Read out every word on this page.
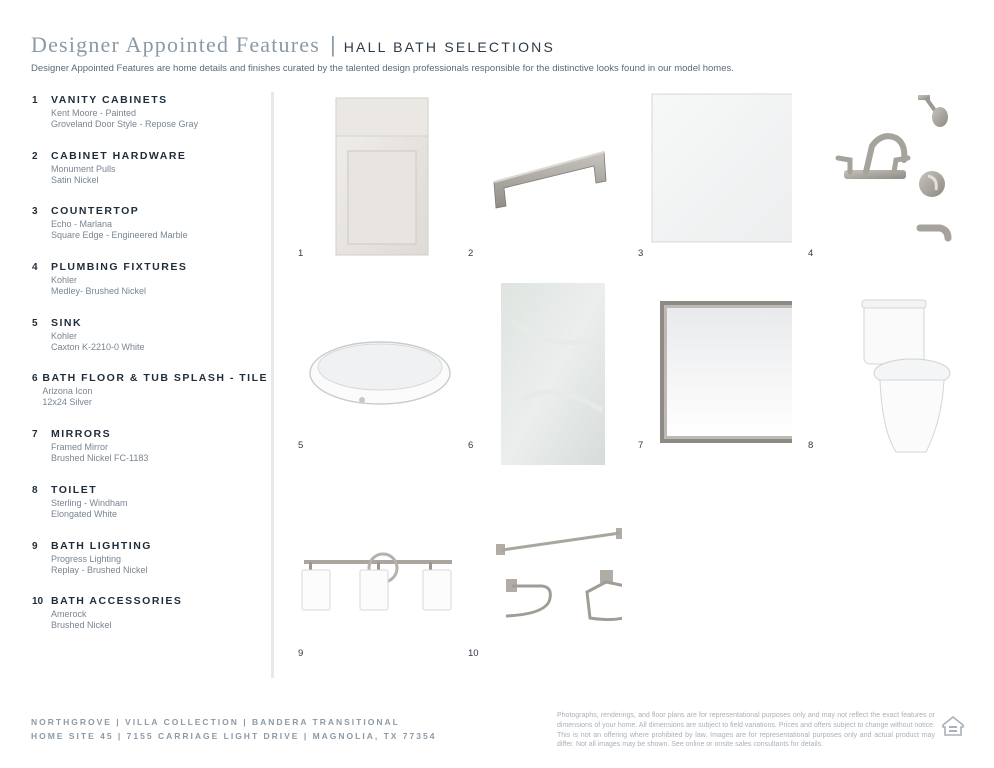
Designer Appointed Features | HALL BATH SELECTIONS
Designer Appointed Features are home details and finishes curated by the talented design professionals responsible for the distinctive looks found in our model homes.
1	VANITY CABINETS
Kent Moore - Painted
Groveland Door Style - Repose Gray
2	CABINET HARDWARE
Monument Pulls
Satin Nickel
3	COUNTERTOP
Echo - Marlana
Square Edge - Engineered Marble
4	PLUMBING FIXTURES
Kohler
Medley- Brushed Nickel
5	SINK
Kohler
Caxton K-2210-0 White
6 BATH FLOOR & TUB SPLASH - TILE
Arizona Icon
12x24 Silver
7	MIRRORS
Framed Mirror
Brushed Nickel FC-1183
8	TOILET
Sterling - Windham
Elongated White
9	BATH LIGHTING
Progress Lighting
Replay - Brushed Nickel
10 BATH ACCESSORIES
Amerock
Brushed Nickel
1	2	3	4
5	6	7	8
9	10
NORTHGROVE | VILLA COLLECTION | BANDERA TRANSITIONAL
HOME SITE 45 | 7155 CARRIAGE LIGHT DRIVE | MAGNOLIA, TX 77354
Photographs, renderings, and floor plans are for representational purposes only and may not reflect the exact features or dimensions of your home. All dimensions are subject to field variations. Prices and offers subject to change without notice. This is not an offering where prohibited by law. Images are for representational purposes only and actual product may differ. Not all images may be shown. See online or onsite sales consultants for details.
